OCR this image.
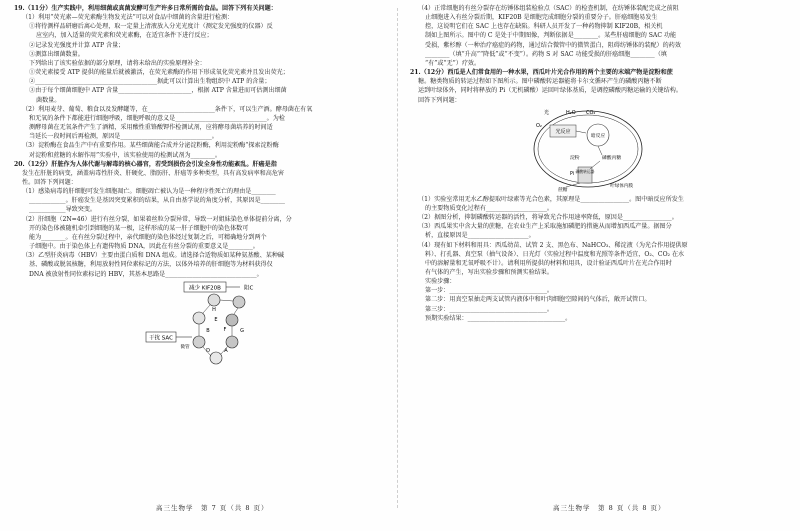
19.（11分）生产实践中，利用细菌或真菌发酵可生产许多日常所需的食品。回答下列有关问题：
（1）利用“荧光素—荧光素酶生物发光法”可以对食品中细菌的含量进行检测：
①将待测样品研磨后离心处理，取一定量上清液放入分光光度计（测定发光强度的仪器）反
应室内，加入适量的荧光素和荧光素酶，在适宜条件下进行反应；
②记录发光强度并计算 ATP 含量；
③测算出细菌数量。
下列给出了该实验依据的部分原理，请将未给出的实验原理补全：
①荧光素接受 ATP 提供的能量后就被激活，在荧光素酶的作用下形成氧化荧光素并且发出荧光；
②________________________________________据此可以计算出生物组织中 ATP 的含量；
③由于每个细菌细胞中 ATP 含量________________________，根据 ATP 含量进而可估测出细菌
菌数量。
（2）利用麦芽、葡萄、粮食以及发酵罐等，在______________________条件下，可以生产酒。酵母菌在有氧
和无氧的条件下都能进行细胞呼吸，细胞呼吸的意义是______________________________。为检
测酵母菌在无氧条件产生了酒精，采用酸性重铬酸钾作检测试剂，应将酵母菌培养的时间适
当延长一段时间后再检测，原因是______________________________。
（3）淀粉酶在食品生产中有重要作用。某些细菌能合成并分泌淀粉酶，利用淀粉酶“探索淀粉酶
对淀粉和蔗糖的水解作用”实验中，该实验使用的检测试剂为________。
20.（12分）肝脏作为人体代谢与解毒的核心器官，若受到损伤会引发全身性功能紊乱。肝癌是指
发生在肝脏的病变，涵盖病毒性肝炎、肝硬化、脂肪肝、肝癌等多种类型，具有高发病率和高危害
性。回答下列问题：
（1）感染病毒的肝细胞可发生细胞凋亡。细胞凋亡被认为是一种程序性死亡的理由是________
____________。肝癌发生是基因突变累积的结果，从自由基学说的角度分析，其原因是________
____________导致突变。
（2）肝细胞（2N=46）进行有丝分裂，如果着丝粒分裂异常，导致一对姐妹染色单体提前分离，分
开的染色体被随机牵引到细胞的某一极，这样形成的某一肝子细胞中的染色体数可
能为________。在有丝分裂过程中，亲代细胞的染色体经过复制之后，可精确地分到两个
子细胞中。由于染色体上有遗传物质 DNA，因此在有丝分裂的重要意义是________。
（3）乙型肝炎病毒（HBV）主要由蛋白质和 DNA 组成。请选择合适物质如某种氨基酸、某种碱
基、磷酸或脱氧核糖，利用放射性同位素标记的方法，以体外培养的肝细胞等为材料获得仅
DNA 被放射性同位素标记的 HBV，其基本思路是______________________________。
减少 KIF20B	阻C
干扰 SAC
H
E
F	G
B
D	A
微管
高三生物学　第 7 页（共 8 页）
（4）正常细胞的有丝分裂存在纺锤体组装检验点（SAC）的检查机制，在纺锤体装配完成之前阻
止细胞进入有丝分裂后期，KIF20B 是细胞完成细胞分裂的重要分子。肝癌细胞易发生
控，这说明它们在 SAC 上也存在缺陷。科研人员开发了一种药物抑制 KIF20B，相关机
制如上图所示。图中的 C 是处于中期图像，判断依据是________。某些肝癌细胞的 SAC 功能
受损，紫杉醇（一种治疗癌症的药物，通过结合微管中的微管蛋白，阻碍纺锤体的装配）的药效
________（填“升高”“降低”或“不变”）。药物 S 对 SAC 功能受损的肝癌细胞________（填
“有”或“无”）疗效。
21.（12分）西瓜是人们常食用的一种水果，西瓜叶片光合作用的两个主要的末端产物是淀粉和蔗
糖。糖类物质的转运过程如下图所示。图中磷酸转运器能将卡尔文循环产生的磷酸丙糖不断
运到叶绿体外，同时将释放的 Pi（无机磷酸）运回叶绿体基质，是调控磷酸丙糖运输的关键结构。
回答下列问题：
光	CO₂
H₂O
O₂
光反应
暗反应
磷酸丙糖
淀粉
蔗糖
磷酸转运器
Pi
叶绿体内膜
（1）实验室常用无水乙醇提取叶绿素等光合色素，其原理是________________。图中暗反应所发生
的主要物质变化过程有____________________。
（2）据图分析，抑制磷酸转运器的活性，将导致光合作用速率降低，原因是________________。
（3）西瓜果实中含大量的蔗糖，在农业生产上采取施加磷肥的措施从而增加西瓜产量。据图分
析，直接原因是____________________。
（4）现有如下材料和用具：西瓜幼苗、试管 2 支、黑色布、NaHCO₃、稀淀液（为光合作用提供原
料）、打孔器、真空泵（抽气设备）、日光灯（实验过程中温度和光照等条件适宜，O₂、CO₂ 在水
中的溶解量和无氧呼吸不计）。请利用所提供的材料和用具，设计验证西瓜叶片在光合作用时
有气体的产生，写出实验步骤和预测实验结果。
实验步骤：
第一步：________________________________。
第二步：用真空泵抽走两支试管内液体中和叶肉细胞空隙间的气体后，敞开试管口。
第三步：________________________________。
预期实验结果：________________________________。
高三生物学　第 8 页（共 8 页）
